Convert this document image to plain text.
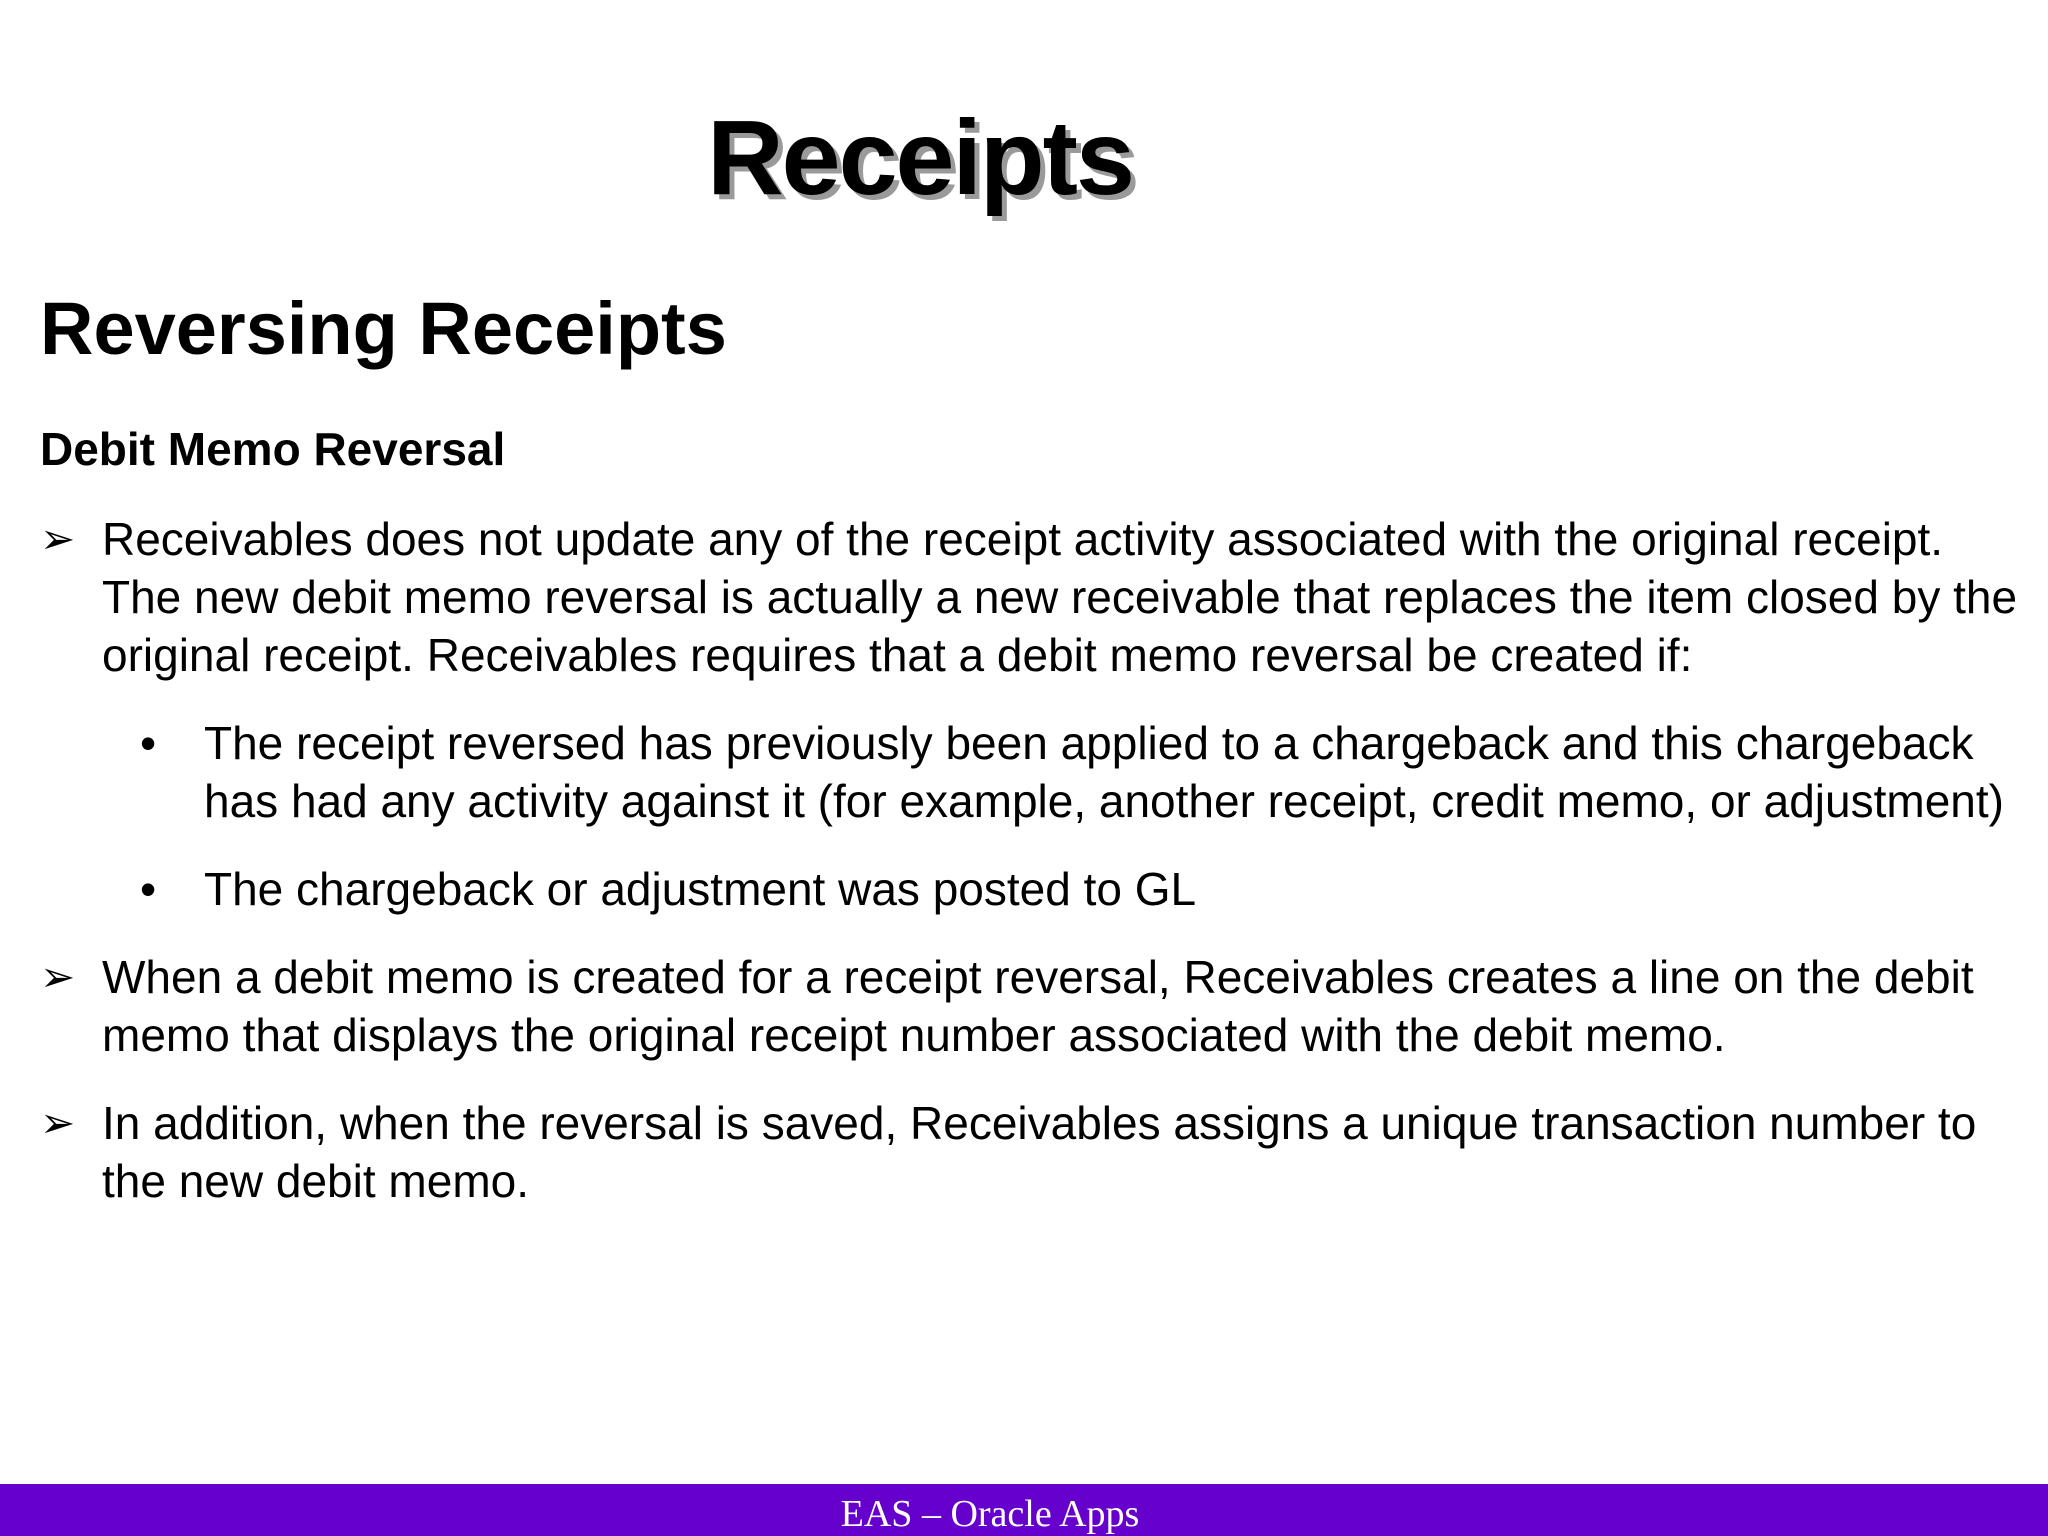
Receipts
Reversing Receipts
Debit Memo Reversal
➢ Receivables does not update any of the receipt activity associated with the original receipt. The new debit memo reversal is actually a new receivable that replaces the item closed by the original receipt. Receivables requires that a debit memo reversal be created if:
•	The receipt reversed has previously been applied to a chargeback and this chargeback has had any activity against it (for example, another receipt, credit memo, or adjustment)
•	The chargeback or adjustment was posted to GL
➢ When a debit memo is created for a receipt reversal, Receivables creates a line on the debit memo that displays the original receipt number associated with the debit memo.
➢ In addition, when the reversal is saved, Receivables assigns a unique transaction number to the new debit memo.
EAS – Oracle Apps
